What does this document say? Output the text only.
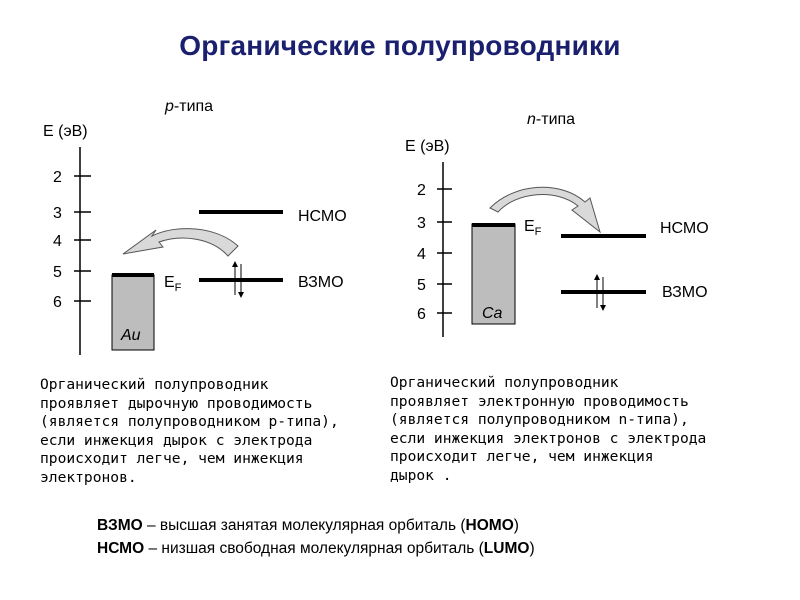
Органические полупроводники
p-типа
E (эВ)
2
3
4
5
6
Au
$E_F$
НСМО
ВЗМО
n-типа
E (эВ)
2
3
4
5
6	Ca
$E_F$	НСМО
ВЗМО
Органический полупроводник
проявляет дырочную проводимость
(является полупроводником р-типа),
если инжекция дырок с электрода
происходит легче, чем инжекция
электронов.
Органический полупроводник
проявляет электронную проводимость
(является полупроводником n-типа),
если инжекция электронов с электрода
происходит легче, чем инжекция
дырок .
ВЗМО – высшая занятая молекулярная орбиталь (HOMO)
НСМО – низшая свободная молекулярная орбиталь (LUMO)
